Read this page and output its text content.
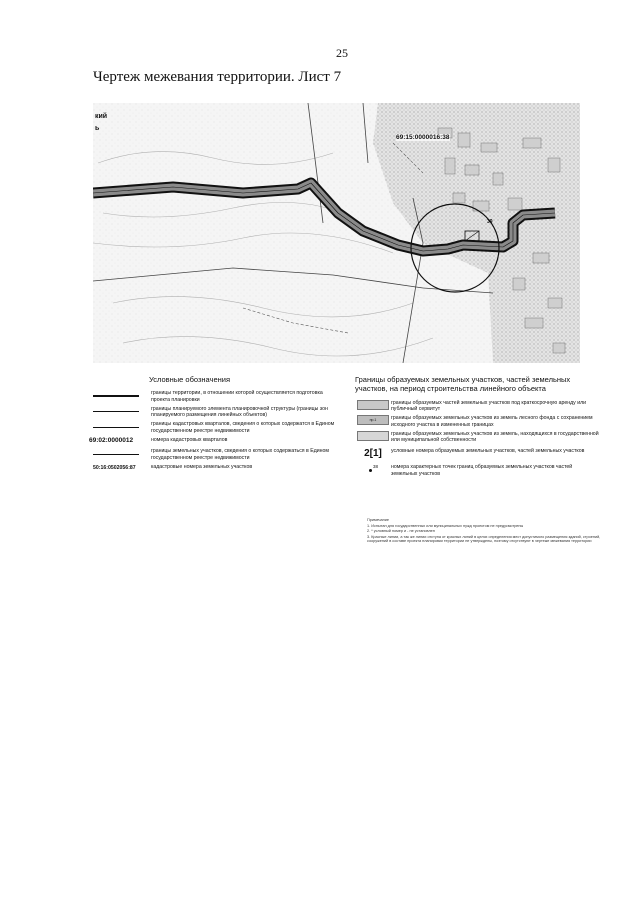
25
Чертеж межевания территории. Лист 7
кий
ь
69:15:0000016:38
39
Условные обозначения
границы территории, в отношении которой осуществляется подготовка проекта планировки
границы планируемого элемента планировочной структуры (границы зон планируемого размещения линейных объектов)
границы кадастровых кварталов, сведения о которых содержатся в Едином государственном реестре недвижимости
69:02:0000012	номера кадастровых кварталов
границы земельных участков, сведения о которых содержаться в Едином государственном реестре недвижимости
50:16:0502056:87	кадастровые номера земельных участков
Границы образуемых земельных участков, частей земельных участков, на период строительства линейного объекта
границы образуемых частей земельных участков под краткосрочную аренду или публичный сервитут
пр.1	границы образуемых земельных участков из земель лесного фонда с сохранением исходного участка в измененных границах
границы образуемых земельных участков из земель, находящихся в государственной или муниципальной собственности
2[1] условные номера образуемых земельных участков, частей земельных участков
38 номера характерных точек границ образуемых земельных участков частей земельных участков
Примечание
1. Испытан для государственных или муниципальных нужд проектом не предусмотрены
2. * условный номер и - не установлен
3. Красные линии, а так же линии отступа от красных линий в целях определения мест допустимого размещения зданий, строений, сооружений в составе проекта планировки территории не утверждены, поэтому отсутствуют в чертеже межевания территории
